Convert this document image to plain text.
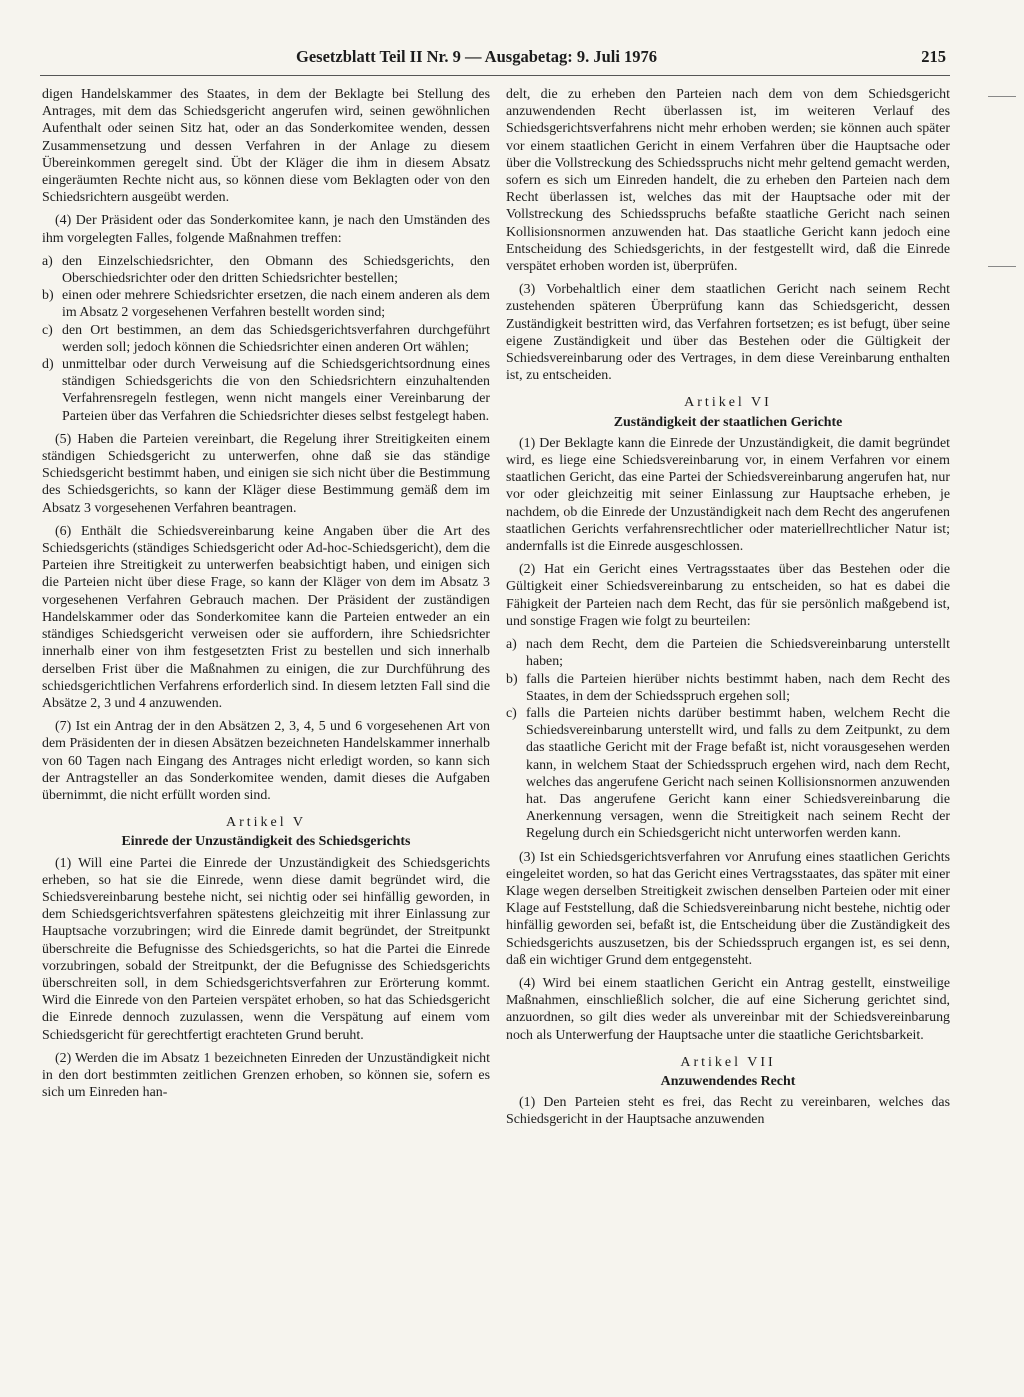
Gesetzblatt Teil II Nr. 9 — Ausgabetag: 9. Juli 1976	215

digen Handelskammer des Staates, in dem der Beklagte bei Stellung des Antrages, mit dem das Schiedsgericht angerufen wird, seinen gewöhnlichen Aufenthalt oder seinen Sitz hat, oder an das Sonderkomitee wenden, dessen Zusammensetzung und dessen Verfahren in der Anlage zu diesem Übereinkommen geregelt sind. Übt der Kläger die ihm in diesem Absatz eingeräumten Rechte nicht aus, so können diese vom Beklagten oder von den Schiedsrichtern ausgeübt werden.

(4) Der Präsident oder das Sonderkomitee kann, je nach den Umständen des ihm vorgelegten Falles, folgende Maßnahmen treffen:

a) den Einzelschiedsrichter, den Obmann des Schiedsgerichts, den Oberschiedsrichter oder den dritten Schiedsrichter bestellen;
b) einen oder mehrere Schiedsrichter ersetzen, die nach einem anderen als dem im Absatz 2 vorgesehenen Verfahren bestellt worden sind;
c) den Ort bestimmen, an dem das Schiedsgerichtsverfahren durchgeführt werden soll; jedoch können die Schiedsrichter einen anderen Ort wählen;
d) unmittelbar oder durch Verweisung auf die Schiedsgerichtsordnung eines ständigen Schiedsgerichts die von den Schiedsrichtern einzuhaltenden Verfahrensregeln festlegen, wenn nicht mangels einer Vereinbarung der Parteien über das Verfahren die Schiedsrichter dieses selbst festgelegt haben.

(5) Haben die Parteien vereinbart, die Regelung ihrer Streitigkeiten einem ständigen Schiedsgericht zu unterwerfen, ohne daß sie das ständige Schiedsgericht bestimmt haben, und einigen sie sich nicht über die Bestimmung des Schiedsgerichts, so kann der Kläger diese Bestimmung gemäß dem im Absatz 3 vorgesehenen Verfahren beantragen.

(6) Enthält die Schiedsvereinbarung keine Angaben über die Art des Schiedsgerichts (ständiges Schiedsgericht oder Ad-hoc-Schiedsgericht), dem die Parteien ihre Streitigkeit zu unterwerfen beabsichtigt haben, und einigen sich die Parteien nicht über diese Frage, so kann der Kläger von dem im Absatz 3 vorgesehenen Verfahren Gebrauch machen. Der Präsident der zuständigen Handelskammer oder das Sonderkomitee kann die Parteien entweder an ein ständiges Schiedsgericht verweisen oder sie auffordern, ihre Schiedsrichter innerhalb einer von ihm festgesetzten Frist zu bestellen und sich innerhalb derselben Frist über die Maßnahmen zu einigen, die zur Durchführung des schiedsgerichtlichen Verfahrens erforderlich sind. In diesem letzten Fall sind die Absätze 2, 3 und 4 anzuwenden.

(7) Ist ein Antrag der in den Absätzen 2, 3, 4, 5 und 6 vorgesehenen Art von dem Präsidenten der in diesen Absätzen bezeichneten Handelskammer innerhalb von 60 Tagen nach Eingang des Antrages nicht erledigt worden, so kann sich der Antragsteller an das Sonderkomitee wenden, damit dieses die Aufgaben übernimmt, die nicht erfüllt worden sind.

Artikel V
Einrede der Unzuständigkeit des Schiedsgerichts

(1) Will eine Partei die Einrede der Unzuständigkeit des Schiedsgerichts erheben, so hat sie die Einrede, wenn diese damit begründet wird, die Schiedsvereinbarung bestehe nicht, sei nichtig oder sei hinfällig geworden, in dem Schiedsgerichtsverfahren spätestens gleichzeitig mit ihrer Einlassung zur Hauptsache vorzubringen; wird die Einrede damit begründet, der Streitpunkt überschreite die Befugnisse des Schiedsgerichts, so hat die Partei die Einrede vorzubringen, sobald der Streitpunkt, der die Befugnisse des Schiedsgerichts überschreiten soll, in dem Schiedsgerichtsverfahren zur Erörterung kommt. Wird die Einrede von den Parteien verspätet erhoben, so hat das Schiedsgericht die Einrede dennoch zuzulassen, wenn die Verspätung auf einem vom Schiedsgericht für gerechtfertigt erachteten Grund beruht.

(2) Werden die im Absatz 1 bezeichneten Einreden der Unzuständigkeit nicht in den dort bestimmten zeitlichen Grenzen erhoben, so können sie, sofern es sich um Einreden han-

delt, die zu erheben den Parteien nach dem von dem Schiedsgericht anzuwendenden Recht überlassen ist, im weiteren Verlauf des Schiedsgerichtsverfahrens nicht mehr erhoben werden; sie können auch später vor einem staatlichen Gericht in einem Verfahren über die Hauptsache oder über die Vollstreckung des Schiedsspruchs nicht mehr geltend gemacht werden, sofern es sich um Einreden handelt, die zu erheben den Parteien nach dem Recht überlassen ist, welches das mit der Hauptsache oder mit der Vollstreckung des Schiedsspruchs befaßte staatliche Gericht nach seinen Kollisionsnormen anzuwenden hat. Das staatliche Gericht kann jedoch eine Entscheidung des Schiedsgerichts, in der festgestellt wird, daß die Einrede verspätet erhoben worden ist, überprüfen.

(3) Vorbehaltlich einer dem staatlichen Gericht nach seinem Recht zustehenden späteren Überprüfung kann das Schiedsgericht, dessen Zuständigkeit bestritten wird, das Verfahren fortsetzen; es ist befugt, über seine eigene Zuständigkeit und über das Bestehen oder die Gültigkeit der Schiedsvereinbarung oder des Vertrages, in dem diese Vereinbarung enthalten ist, zu entscheiden.

Artikel VI
Zuständigkeit der staatlichen Gerichte

(1) Der Beklagte kann die Einrede der Unzuständigkeit, die damit begründet wird, es liege eine Schiedsvereinbarung vor, in einem Verfahren vor einem staatlichen Gericht, das eine Partei der Schiedsvereinbarung angerufen hat, nur vor oder gleichzeitig mit seiner Einlassung zur Hauptsache erheben, je nachdem, ob die Einrede der Unzuständigkeit nach dem Recht des angerufenen staatlichen Gerichts verfahrensrechtlicher oder materiellrechtlicher Natur ist; andernfalls ist die Einrede ausgeschlossen.

(2) Hat ein Gericht eines Vertragsstaates über das Bestehen oder die Gültigkeit einer Schiedsvereinbarung zu entscheiden, so hat es dabei die Fähigkeit der Parteien nach dem Recht, das für sie persönlich maßgebend ist, und sonstige Fragen wie folgt zu beurteilen:

a) nach dem Recht, dem die Parteien die Schiedsvereinbarung unterstellt haben;
b) falls die Parteien hierüber nichts bestimmt haben, nach dem Recht des Staates, in dem der Schiedsspruch ergehen soll;
c) falls die Parteien nichts darüber bestimmt haben, welchem Recht die Schiedsvereinbarung unterstellt wird, und falls zu dem Zeitpunkt, zu dem das staatliche Gericht mit der Frage befaßt ist, nicht vorausgesehen werden kann, in welchem Staat der Schiedsspruch ergehen wird, nach dem Recht, welches das angerufene Gericht nach seinen Kollisionsnormen anzuwenden hat. Das angerufene Gericht kann einer Schiedsvereinbarung die Anerkennung versagen, wenn die Streitigkeit nach seinem Recht der Regelung durch ein Schiedsgericht nicht unterworfen werden kann.

(3) Ist ein Schiedsgerichtsverfahren vor Anrufung eines staatlichen Gerichts eingeleitet worden, so hat das Gericht eines Vertragsstaates, das später mit einer Klage wegen derselben Streitigkeit zwischen denselben Parteien oder mit einer Klage auf Feststellung, daß die Schiedsvereinbarung nicht bestehe, nichtig oder hinfällig geworden sei, befaßt ist, die Entscheidung über die Zuständigkeit des Schiedsgerichts auszusetzen, bis der Schiedsspruch ergangen ist, es sei denn, daß ein wichtiger Grund dem entgegensteht.

(4) Wird bei einem staatlichen Gericht ein Antrag gestellt, einstweilige Maßnahmen, einschließlich solcher, die auf eine Sicherung gerichtet sind, anzuordnen, so gilt dies weder als unvereinbar mit der Schiedsvereinbarung noch als Unterwerfung der Hauptsache unter die staatliche Gerichtsbarkeit.

Artikel VII
Anzuwendendes Recht

(1) Den Parteien steht es frei, das Recht zu vereinbaren, welches das Schiedsgericht in der Hauptsache anzuwenden
